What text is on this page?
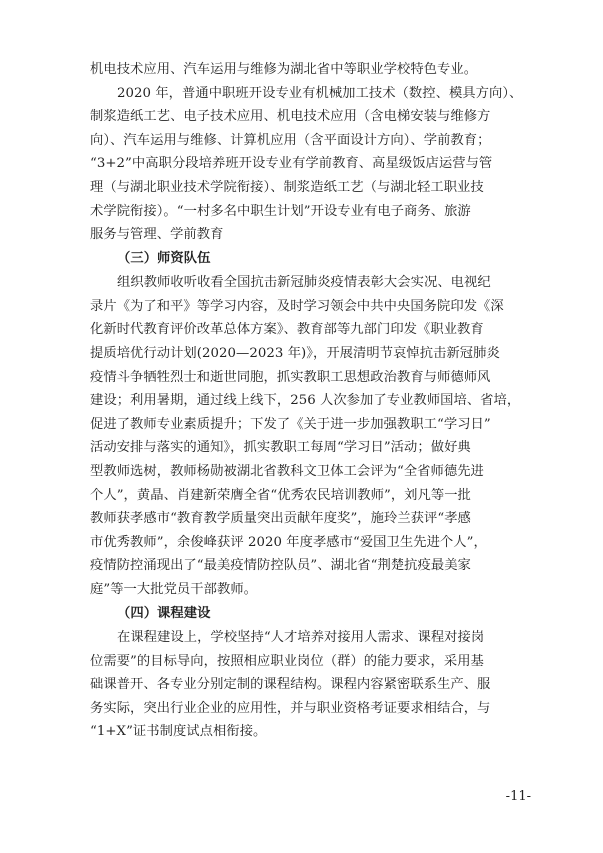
机电技术应用、汽车运用与维修为湖北省中等职业学校特色专业。
2020 年，普通中职班开设专业有机械加工技术（数控、模具方向）、
制浆造纸工艺、电子技术应用、机电技术应用（含电梯安装与维修方
向）、汽车运用与维修、计算机应用（含平面设计方向）、学前教育；
“3+2”中高职分段培养班开设专业有学前教育、高星级饭店运营与管
理（与湖北职业技术学院衔接）、制浆造纸工艺（与湖北轻工职业技
术学院衔接）。“一村多名中职生计划”开设专业有电子商务、旅游
服务与管理、学前教育
（三）师资队伍
组织教师收听收看全国抗击新冠肺炎疫情表彰大会实况、电视纪
录片《为了和平》等学习内容，及时学习领会中共中央国务院印发《深
化新时代教育评价改革总体方案》、教育部等九部门印发《职业教育
提质培优行动计划(2020—2023 年)》，开展清明节哀悼抗击新冠肺炎
疫情斗争牺牲烈士和逝世同胞，抓实教职工思想政治教育与师德师风
建设；利用暑期，通过线上线下，256 人次参加了专业教师国培、省培，
促进了教师专业素质提升；下发了《关于进一步加强教职工“学习日”
活动安排与落实的通知》，抓实教职工每周“学习日”活动；做好典
型教师选树，教师杨勋被湖北省教科文卫体工会评为“全省师德先进
个人”，黄晶、肖建新荣膺全省“优秀农民培训教师”，刘凡等一批
教师获孝感市“教育教学质量突出贡献年度奖”，施玲兰获评“孝感
市优秀教师”，余俊峰获评 2020 年度孝感市“爱国卫生先进个人”，
疫情防控涌现出了“最美疫情防控队员”、湖北省“荆楚抗疫最美家
庭”等一大批党员干部教师。
（四）课程建设
在课程建设上，学校坚持“人才培养对接用人需求、课程对接岗
位需要”的目标导向，按照相应职业岗位（群）的能力要求，采用基
础课普开、各专业分别定制的课程结构。课程内容紧密联系生产、服
务实际，突出行业企业的应用性，并与职业资格考证要求相结合，与
“1+X”证书制度试点相衔接。
-11-
